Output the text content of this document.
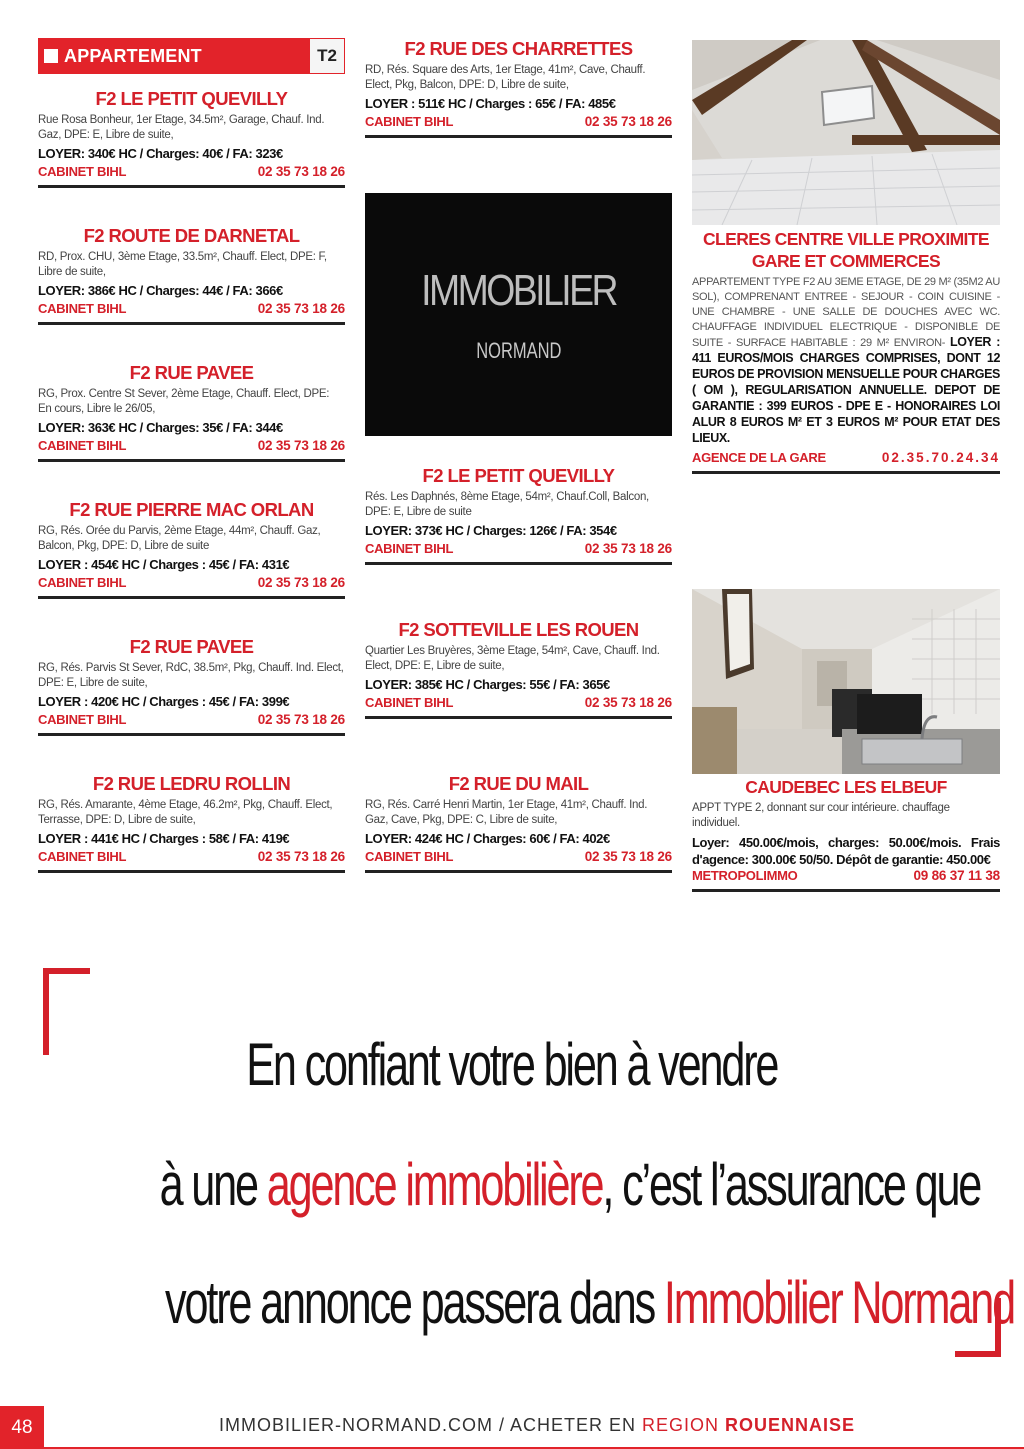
APPARTEMENT	T2
F2 LE PETIT QUEVILLY
Rue Rosa Bonheur, 1er Etage, 34.5m², Garage, Chauf. Ind. Gaz, DPE: E, Libre de suite,
LOYER: 340€ HC / Charges: 40€ / FA: 323€
CABINET BIHL	02 35 73 18 26
F2 ROUTE DE DARNETAL
RD, Prox. CHU, 3ème Etage, 33.5m², Chauff. Elect, DPE: F, Libre de suite,
LOYER: 386€ HC / Charges: 44€ / FA: 366€
CABINET BIHL	02 35 73 18 26
F2 RUE PAVEE
RG, Prox. Centre St Sever, 2ème Etage, Chauff. Elect, DPE: En cours, Libre le 26/05,
LOYER: 363€ HC / Charges: 35€ / FA: 344€
CABINET BIHL	02 35 73 18 26
F2 RUE PIERRE MAC ORLAN
RG, Rés. Orée du Parvis, 2ème Etage, 44m², Chauff. Gaz, Balcon, Pkg, DPE: D, Libre de suite
LOYER : 454€ HC / Charges : 45€ / FA: 431€
CABINET BIHL	02 35 73 18 26
F2 RUE PAVEE
RG, Rés. Parvis St Sever, RdC, 38.5m², Pkg, Chauff. Ind. Elect, DPE: E, Libre de suite,
LOYER : 420€ HC / Charges : 45€ / FA: 399€
CABINET BIHL	02 35 73 18 26
F2 RUE LEDRU ROLLIN
RG, Rés. Amarante, 4ème Etage, 46.2m², Pkg, Chauff. Elect, Terrasse, DPE: D, Libre de suite,
LOYER : 441€ HC / Charges : 58€ / FA: 419€
CABINET BIHL	02 35 73 18 26
F2 RUE DES CHARRETTES
RD, Rés. Square des Arts, 1er Etage, 41m², Cave, Chauff. Elect, Pkg, Balcon, DPE: D, Libre de suite,
LOYER : 511€ HC / Charges : 65€ / FA: 485€
CABINET BIHL	02 35 73 18 26
IMMOBILIER
NORMAND
F2 LE PETIT QUEVILLY
Rés. Les Daphnés, 8ème Etage, 54m², Chauf.Coll, Balcon, DPE: E, Libre de suite
LOYER: 373€ HC / Charges: 126€ / FA: 354€
CABINET BIHL	02 35 73 18 26
F2 SOTTEVILLE LES ROUEN
Quartier Les Bruyères, 3ème Etage, 54m², Cave, Chauff. Ind. Elect, DPE: E, Libre de suite,
LOYER: 385€ HC / Charges: 55€ / FA: 365€
CABINET BIHL	02 35 73 18 26
F2 RUE DU MAIL
RG, Rés. Carré Henri Martin, 1er Etage, 41m², Chauff. Ind. Gaz, Cave, Pkg, DPE: C, Libre de suite,
LOYER: 424€ HC / Charges: 60€ / FA: 402€
CABINET BIHL	02 35 73 18 26
CLERES CENTRE VILLE PROXIMITE
GARE ET COMMERCES
APPARTEMENT TYPE F2 AU 3EME ETAGE, DE 29 M² (35M2 AU SOL), COMPRENANT ENTREE - SEJOUR - COIN CUISINE - UNE CHAMBRE - UNE SALLE DE DOUCHES AVEC WC. CHAUFFAGE INDIVIDUEL ELECTRIQUE - DISPONIBLE DE SUITE - SURFACE HABITABLE : 29 M² ENVIRON- LOYER : 411 EUROS/MOIS CHARGES COMPRISES, DONT 12 EUROS DE PROVISION MENSUELLE POUR CHARGES ( OM ), REGULARISATION ANNUELLE. DEPOT DE GARANTIE : 399 EUROS - DPE E - HONORAIRES LOI ALUR 8 EUROS M² ET 3 EUROS M² POUR ETAT DES LIEUX.
AGENCE DE LA GARE	02.35.70.24.34
CAUDEBEC LES ELBEUF
APPT TYPE 2, donnant sur cour intérieure. chauffage individuel.
Loyer: 450.00€/mois, charges: 50.00€/mois. Frais d'agence: 300.00€ 50/50. Dépôt de garantie: 450.00€
METROPOLIMMO	09 86 37 11 38
En confiant votre bien à vendre
à une agence immobilière, c’est l’assurance que
votre annonce passera dans Immobilier Normand
48	IMMOBILIER-NORMAND.COM / ACHETER EN REGION ROUENNAISE
